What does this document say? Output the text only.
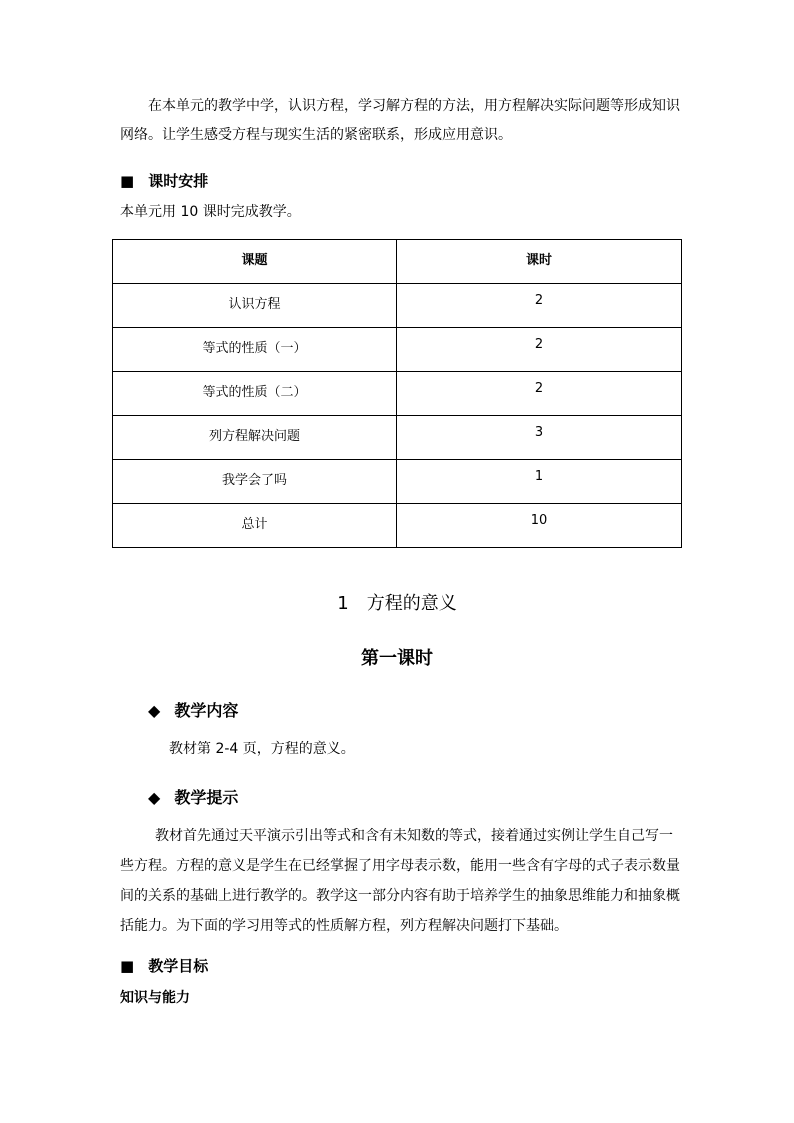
在本单元的教学中学，认识方程，学习解方程的方法，用方程解决实际问题等形成知识
网络。让学生感受方程与现实生活的紧密联系，形成应用意识。
■ 课时安排
本单元用 10 课时完成教学。
课题	课时
认识方程	2
等式的性质（一）	2
等式的性质（二）	2
列方程解决问题	3
我学会了吗	1
总计	10
1 方程的意义
第一课时
◆ 教学内容
教材第 2-4 页，方程的意义。
◆ 教学提示
教材首先通过天平演示引出等式和含有未知数的等式，接着通过实例让学生自己写一
些方程。方程的意义是学生在已经掌握了用字母表示数，能用一些含有字母的式子表示数量
间的关系的基础上进行教学的。教学这一部分内容有助于培养学生的抽象思维能力和抽象概
括能力。为下面的学习用等式的性质解方程，列方程解决问题打下基础。
■ 教学目标
知识与能力
